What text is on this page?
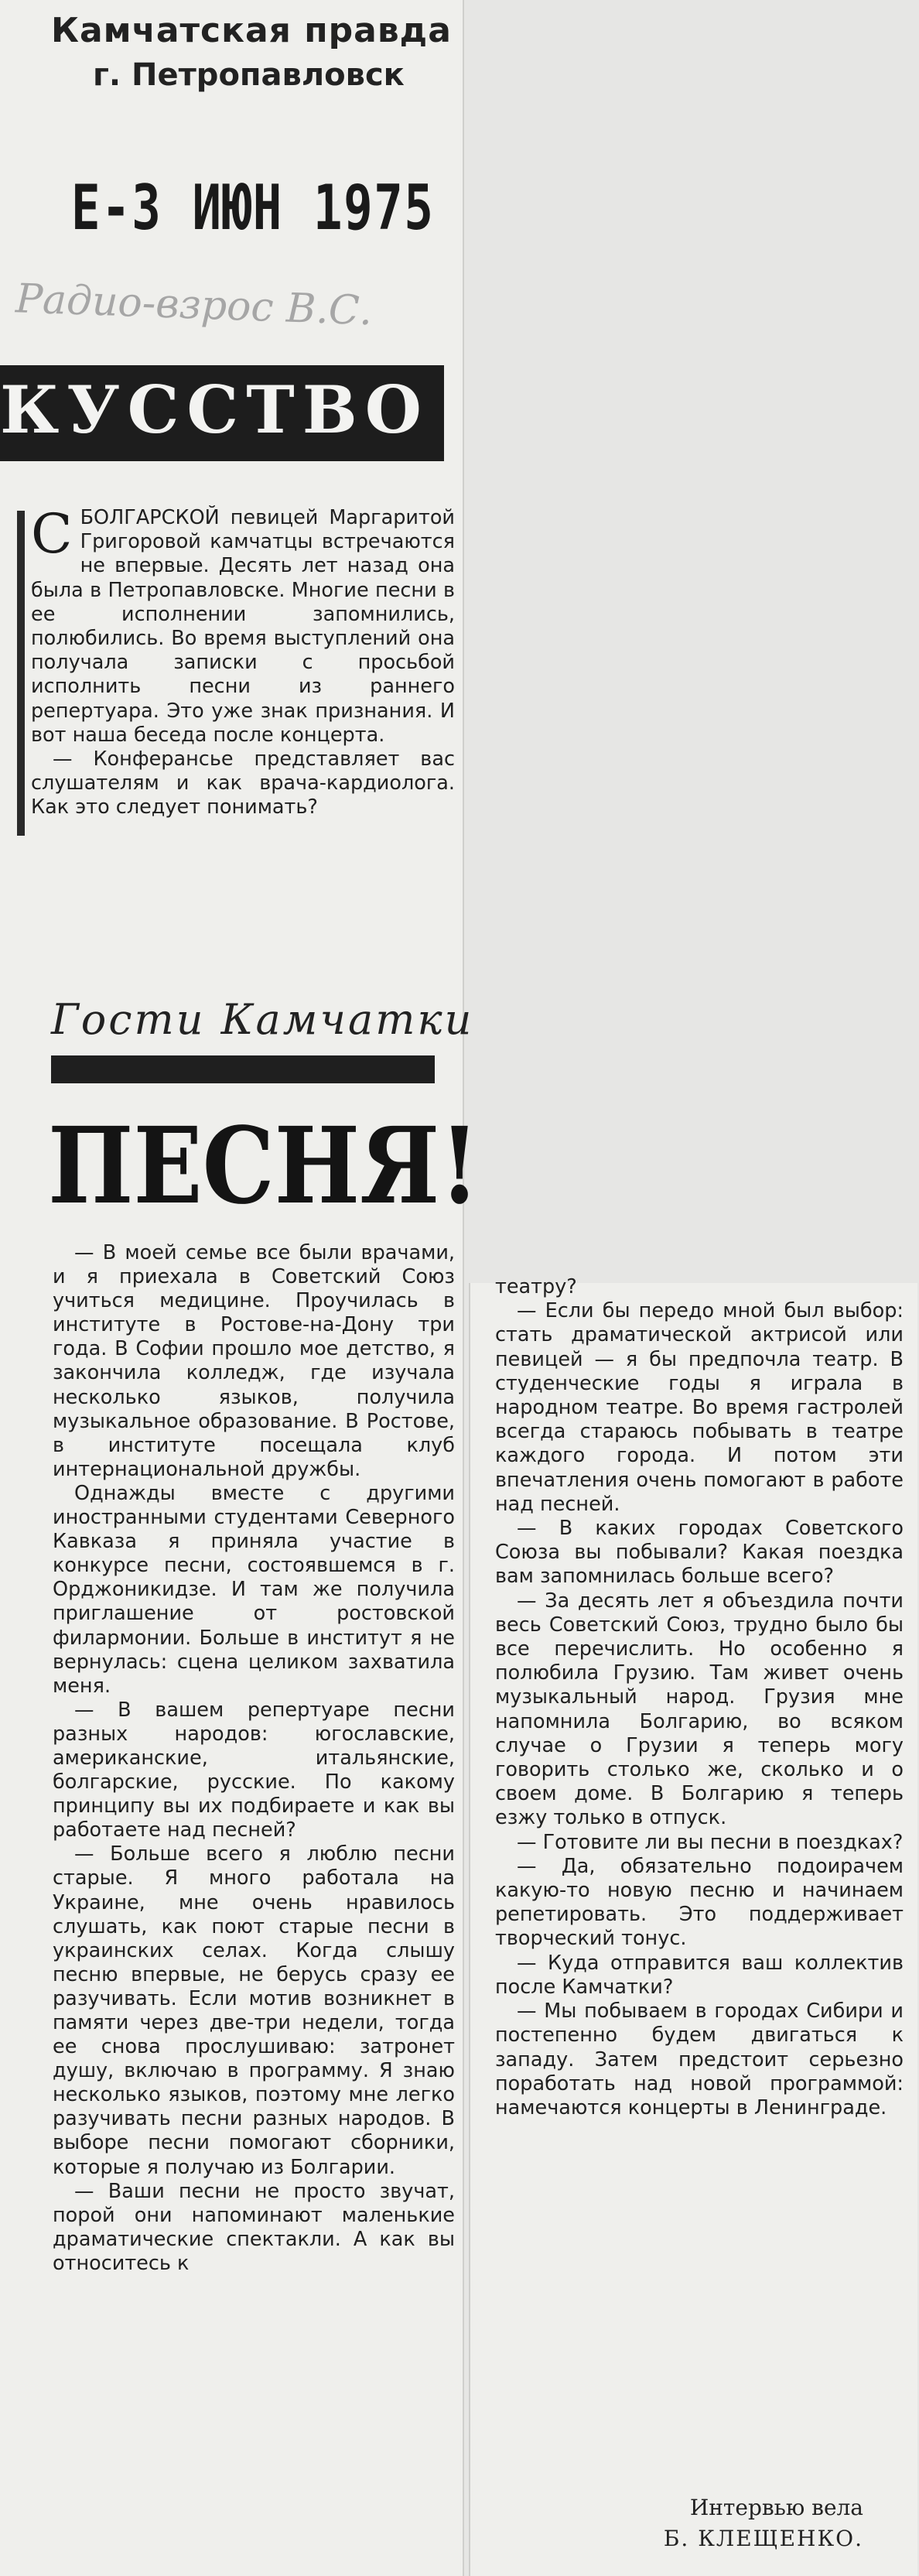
Камчатская правда
г. Петропавловск
Е-3 ИЮН 1975
Радио-взрос В.С.
КУССТВО

СБОЛГАРСКОЙ певицей Маргаритой Григоровой камчатцы встречаются не впервые. Десять лет назад она была в Петропавловске. Многие песни в ее исполнении запомнились, полюбились. Во время выступлений она получала записки с просьбой исполнить песни из раннего репертуара. Это уже знак признания. И вот наша беседа после концерта.

— Конферансье представляет вас слушателям и как врача-кардиолога. Как это следует понимать?

Гости Камчатки
ПЕСНЯ!

— В моей семье все были врачами, и я приехала в Советский Союз учиться медицине. Проучилась в институте в Ростове-на-Дону три года. В Софии прошло мое детство, я закончила колледж, где изучала несколько языков, получила музыкальное образование. В Ростове, в институте посещала клуб интернациональной дружбы.

Однажды вместе с другими иностранными студентами Северного Кавказа я приняла участие в конкурсе песни, состоявшемся в г. Орджоникидзе. И там же получила приглашение от ростовской филармонии. Больше в институт я не вернулась: сцена целиком захватила меня.

— В вашем репертуаре песни разных народов: югославские, американские, итальянские, болгарские, русские. По какому принципу вы их подбираете и как вы работаете над песней?

— Больше всего я люблю песни старые. Я много работала на Украине, мне очень нравилось слушать, как поют старые песни в украинских селах. Когда слышу песню впервые, не берусь сразу ее разучивать. Если мотив возникнет в памяти через две-три недели, тогда ее снова прослушиваю: затронет душу, включаю в программу. Я знаю несколько языков, поэтому мне легко разучивать песни разных народов. В выборе песни помогают сборники, которые я получаю из Болгарии.

— Ваши песни не просто звучат, порой они напоминают маленькие драматические спектакли. А как вы относитесь к

театру?

— Если бы передо мной был выбор: стать драматической актрисой или певицей — я бы предпочла театр. В студенческие годы я играла в народном театре. Во время гастролей всегда стараюсь побывать в театре каждого города. И потом эти впечатления очень помогают в работе над песней.

— В каких городах Советского Союза вы побывали? Какая поездка вам запомнилась больше всего?

— За десять лет я объездила почти весь Советский Союз, трудно было бы все перечислить. Но особенно я полюбила Грузию. Там живет очень музыкальный народ. Грузия мне напомнила Болгарию, во всяком случае о Грузии я теперь могу говорить столько же, сколько и о своем доме. В Болгарию я теперь езжу только в отпуск.

— Готовите ли вы песни в поездках?

— Да, обязательно подоирачем какую-то новую песню и начинаем репетировать. Это поддерживает творческий тонус.

— Куда отправится ваш коллектив после Камчатки?

— Мы побываем в городах Сибири и постепенно будем двигаться к западу. Затем предстоит серьезно поработать над новой программой: намечаются концерты в Ленинграде.

Интервью вела
Б. КЛЕЩЕНКО.
